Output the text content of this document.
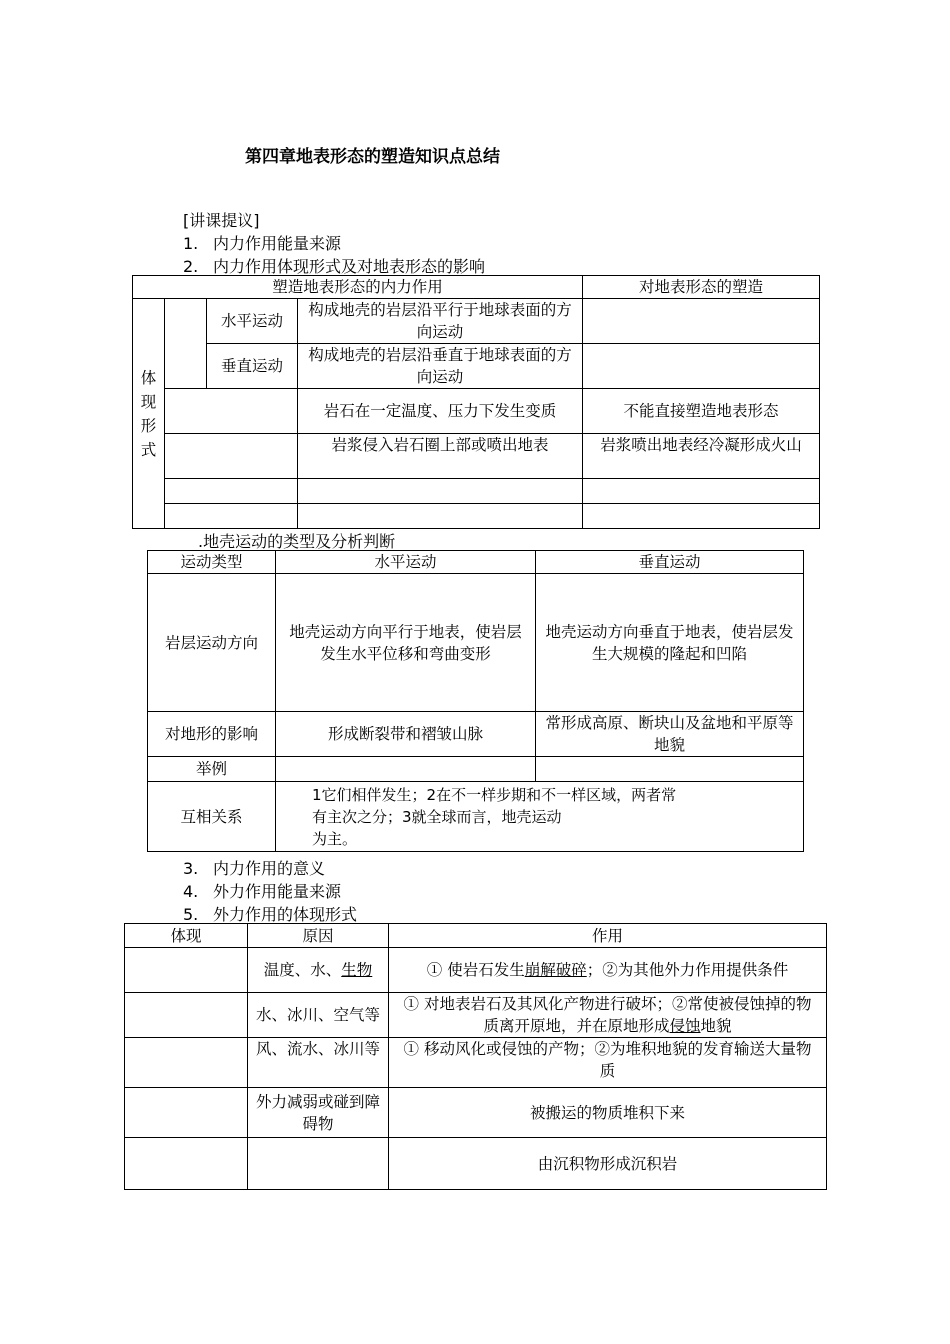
第四章地表形态的塑造知识点总结
[讲课提议]
1. 内力作用能量来源
2. 内力作用体现形式及对地表形态的影响
塑造地表形态的内力作用				对地表形态的塑造
体
现
形
式		水平运动	构成地壳的岩层沿平行于地球表面的方向运动	
		垂直运动	构成地壳的岩层沿垂直于地球表面的方向运动	
			岩石在一定温度、压力下发生变质	不能直接塑造地表形态
			岩浆侵入岩石圈上部或喷出地表	岩浆喷出地表经冷凝形成火山

.地壳运动的类型及分析判断
运动类型	水平运动	垂直运动
岩层运动方向	地壳运动方向平行于地表，使岩层发生水平位移和弯曲变形	地壳运动方向垂直于地表，使岩层发生大规模的隆起和凹陷
对地形的影响	形成断裂带和褶皱山脉	常形成高原、断块山及盆地和平原等地貌
举例		
互相关系	1它们相伴发生；2在不一样步期和不一样区域，两者常
有主次之分；3就全球而言，地壳运动
为主。	
3. 内力作用的意义
4. 外力作用能量来源
5. 外力作用的体现形式
体现	原因	作用
	温度、水、生物	① 使岩石发生崩解破碎；②为其他外力作用提供条件
	水、冰川、空气等	① 对地表岩石及其风化产物进行破坏；②常使被侵蚀掉的物质离开原地，并在原地形成侵蚀地貌
	风、流水、冰川等	① 移动风化或侵蚀的产物；②为堆积地貌的发育输送大量物质
	外力减弱或碰到障碍物	被搬运的物质堆积下来
		由沉积物形成沉积岩
